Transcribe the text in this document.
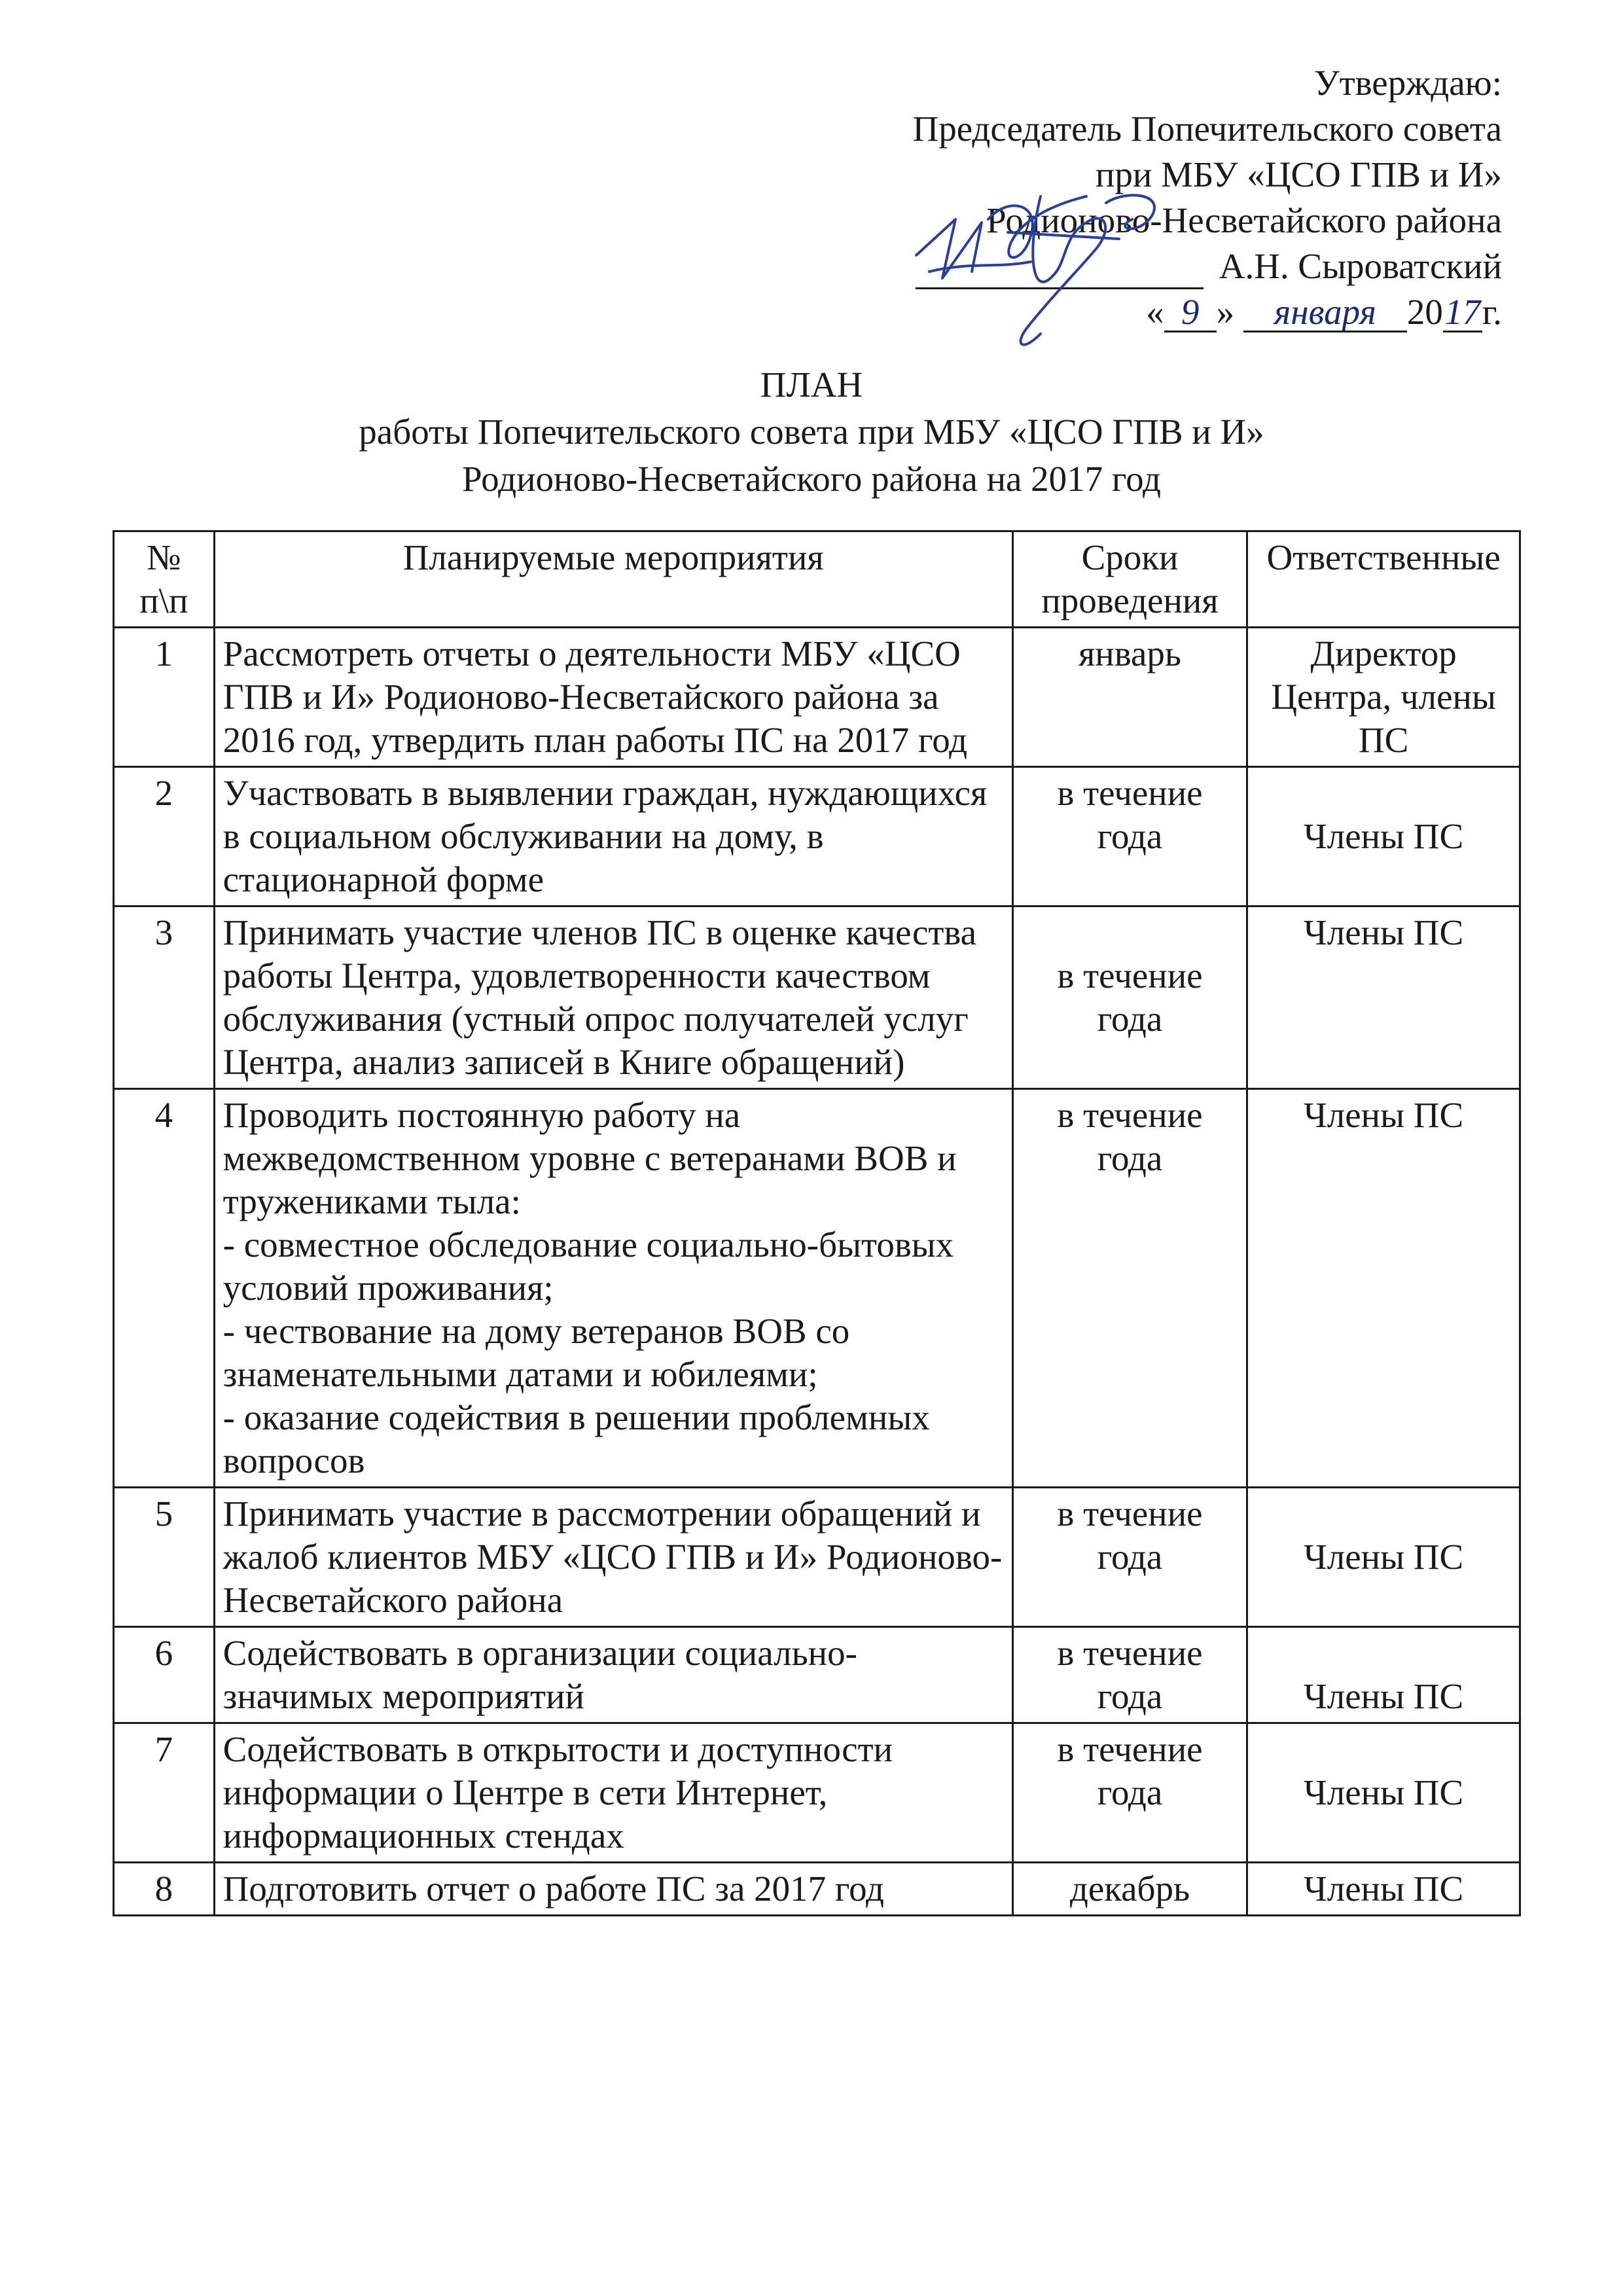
Утверждаю:
Председатель Попечительского совета
при МБУ «ЦСО ГПВ и И»
Родионово-Несветайского района
А.Н. Сыроватский
« 9 » января 2017г.
ПЛАН
работы Попечительского совета при МБУ «ЦСО ГПВ и И»
Родионово-Несветайского района на 2017 год
№ п\п	Планируемые мероприятия	Сроки проведения	Ответственные
1	Рассмотреть отчеты о деятельности МБУ «ЦСО ГПВ и И» Родионово-Несветайского района за 2016 год, утвердить план работы ПС на 2017 год	январь	Директор Центра, члены ПС
2	Участвовать в выявлении граждан, нуждающихся в социальном обслуживании на дому, в стационарной форме	в течение года	Члены ПС
3	Принимать участие членов ПС в оценке качества работы Центра, удовлетворенности качеством обслуживания (устный опрос получателей услуг Центра, анализ записей в Книге обращений)	в течение года	Члены ПС
4	Проводить постоянную работу на межведомственном уровне с ветеранами ВОВ и тружениками тыла:
- совместное обследование социально-бытовых условий проживания;
- чествование на дому ветеранов ВОВ со знаменательными датами и юбилеями;
- оказание содействия в решении проблемных вопросов	в течение года	Члены ПС
5	Принимать участие в рассмотрении обращений и жалоб клиентов МБУ «ЦСО ГПВ и И» Родионово-Несветайского района	в течение года	Члены ПС
6	Содействовать в организации социально-значимых мероприятий	в течение года	Члены ПС
7	Содействовать в открытости и доступности информации о Центре в сети Интернет, информационных стендах	в течение года	Члены ПС
8	Подготовить отчет о работе ПС за 2017 год	декабрь	Члены ПС
